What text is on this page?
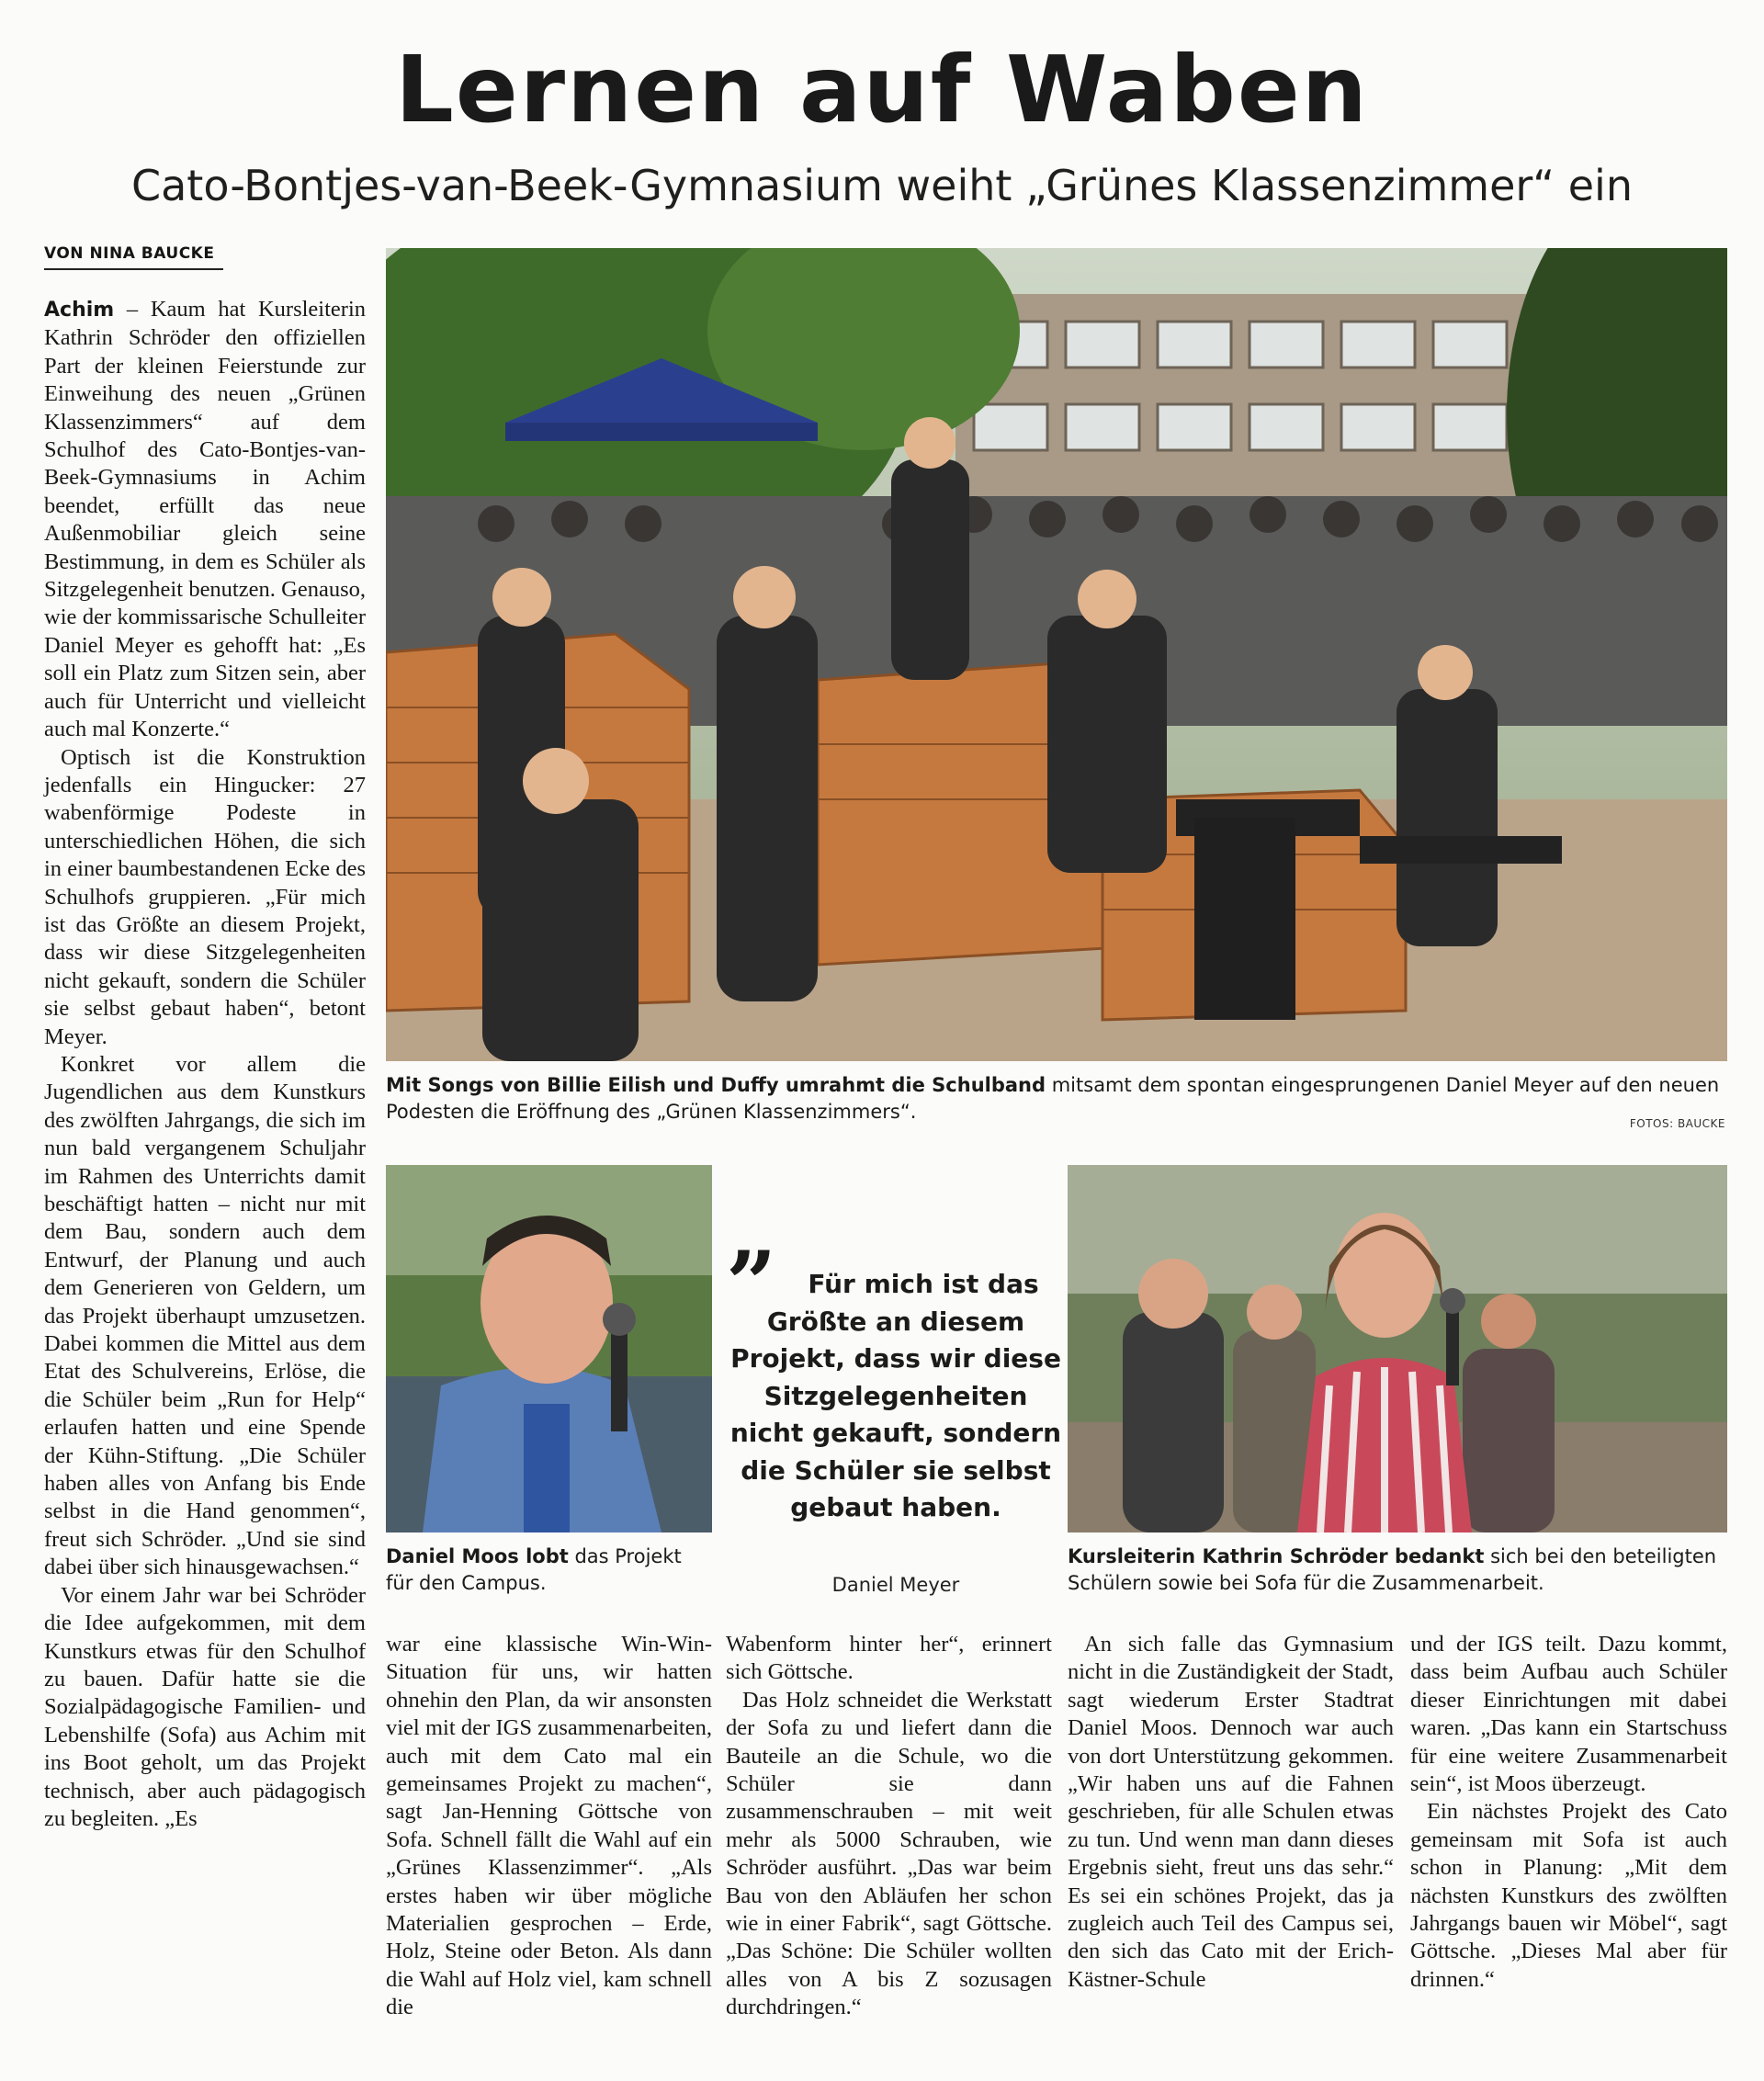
Lernen auf Waben
Cato-Bontjes-van-Beek-Gymnasium weiht „Grünes Klassenzimmer“ ein
VON NINA BAUCKE

Achim – Kaum hat Kursleiterin Kathrin Schröder den offiziellen Part der kleinen Feierstunde zur Einweihung des neuen „Grünen Klassenzimmers“ auf dem Schulhof des Cato-Bontjes-van-Beek-Gymnasiums in Achim beendet, erfüllt das neue Außenmobiliar gleich seine Bestimmung, in dem es Schüler als Sitzgelegenheit benutzen. Genauso, wie der kommissarische Schulleiter Daniel Meyer es gehofft hat: „Es soll ein Platz zum Sitzen sein, aber auch für Unterricht und vielleicht auch mal Konzerte.“

Optisch ist die Konstruktion jedenfalls ein Hingucker: 27 wabenförmige Podeste in unterschiedlichen Höhen, die sich in einer baumbestandenen Ecke des Schulhofs gruppieren. „Für mich ist das Größte an diesem Projekt, dass wir diese Sitzgelegenheiten nicht gekauft, sondern die Schüler sie selbst gebaut haben“, betont Meyer.

Konkret vor allem die Jugendlichen aus dem Kunstkurs des zwölften Jahrgangs, die sich im nun bald vergangenem Schuljahr im Rahmen des Unterrichts damit beschäftigt hatten – nicht nur mit dem Bau, sondern auch dem Entwurf, der Planung und auch dem Generieren von Geldern, um das Projekt überhaupt umzusetzen. Dabei kommen die Mittel aus dem Etat des Schulvereins, Erlöse, die die Schüler beim „Run for Help“ erlaufen hatten und eine Spende der Kühn-Stiftung. „Die Schüler haben alles von Anfang bis Ende selbst in die Hand genommen“, freut sich Schröder. „Und sie sind dabei über sich hinausgewachsen.“

Vor einem Jahr war bei Schröder die Idee aufgekommen, mit dem Kunstkurs etwas für den Schulhof zu bauen. Dafür hatte sie die Sozialpädagogische Familien- und Lebenshilfe (Sofa) aus Achim mit ins Boot geholt, um das Projekt technisch, aber auch pädagogisch zu begleiten. „Es

Mit Songs von Billie Eilish und Duffy umrahmt die Schulband mitsamt dem spontan eingesprungenen Daniel Meyer auf den neuen Podesten die Eröffnung des „Grünen Klassenzimmers“.
FOTOS: BAUCKE
Daniel Moos lobt das Projekt für den Campus.
”	Für mich ist das Größte an diesem Projekt, dass wir diese Sitzgelegenheiten nicht gekauft, sondern die Schüler sie selbst gebaut haben.
Daniel Meyer
Kursleiterin Kathrin Schröder bedankt sich bei den beteiligten Schülern sowie bei Sofa für die Zusammenarbeit.

war eine klassische Win-Win-Situation für uns, wir hatten ohnehin den Plan, da wir ansonsten viel mit der IGS zusammenarbeiten, auch mit dem Cato mal ein gemeinsames Projekt zu machen“, sagt Jan-Henning Göttsche von Sofa. Schnell fällt die Wahl auf ein „Grünes Klassenzimmer“. „Als erstes haben wir über mögliche Materialien gesprochen – Erde, Holz, Steine oder Beton. Als dann die Wahl auf Holz viel, kam schnell die

Wabenform hinter her“, erinnert sich Göttsche.

Das Holz schneidet die Werkstatt der Sofa zu und liefert dann die Bauteile an die Schule, wo die Schüler sie dann zusammenschrauben – mit weit mehr als 5000 Schrauben, wie Schröder ausführt. „Das war beim Bau von den Abläufen her schon wie in einer Fabrik“, sagt Göttsche. „Das Schöne: Die Schüler wollten alles von A bis Z sozusagen durchdringen.“

An sich falle das Gymnasium nicht in die Zuständigkeit der Stadt, sagt wiederum Erster Stadtrat Daniel Moos. Dennoch war auch von dort Unterstützung gekommen. „Wir haben uns auf die Fahnen geschrieben, für alle Schulen etwas zu tun. Und wenn man dann dieses Ergebnis sieht, freut uns das sehr.“ Es sei ein schönes Projekt, das ja zugleich auch Teil des Campus sei, den sich das Cato mit der Erich-Kästner-Schule

und der IGS teilt. Dazu kommt, dass beim Aufbau auch Schüler dieser Einrichtungen mit dabei waren. „Das kann ein Startschuss für eine weitere Zusammenarbeit sein“, ist Moos überzeugt.

Ein nächstes Projekt des Cato gemeinsam mit Sofa ist auch schon in Planung: „Mit dem nächsten Kunstkurs des zwölften Jahrgangs bauen wir Möbel“, sagt Göttsche. „Dieses Mal aber für drinnen.“
